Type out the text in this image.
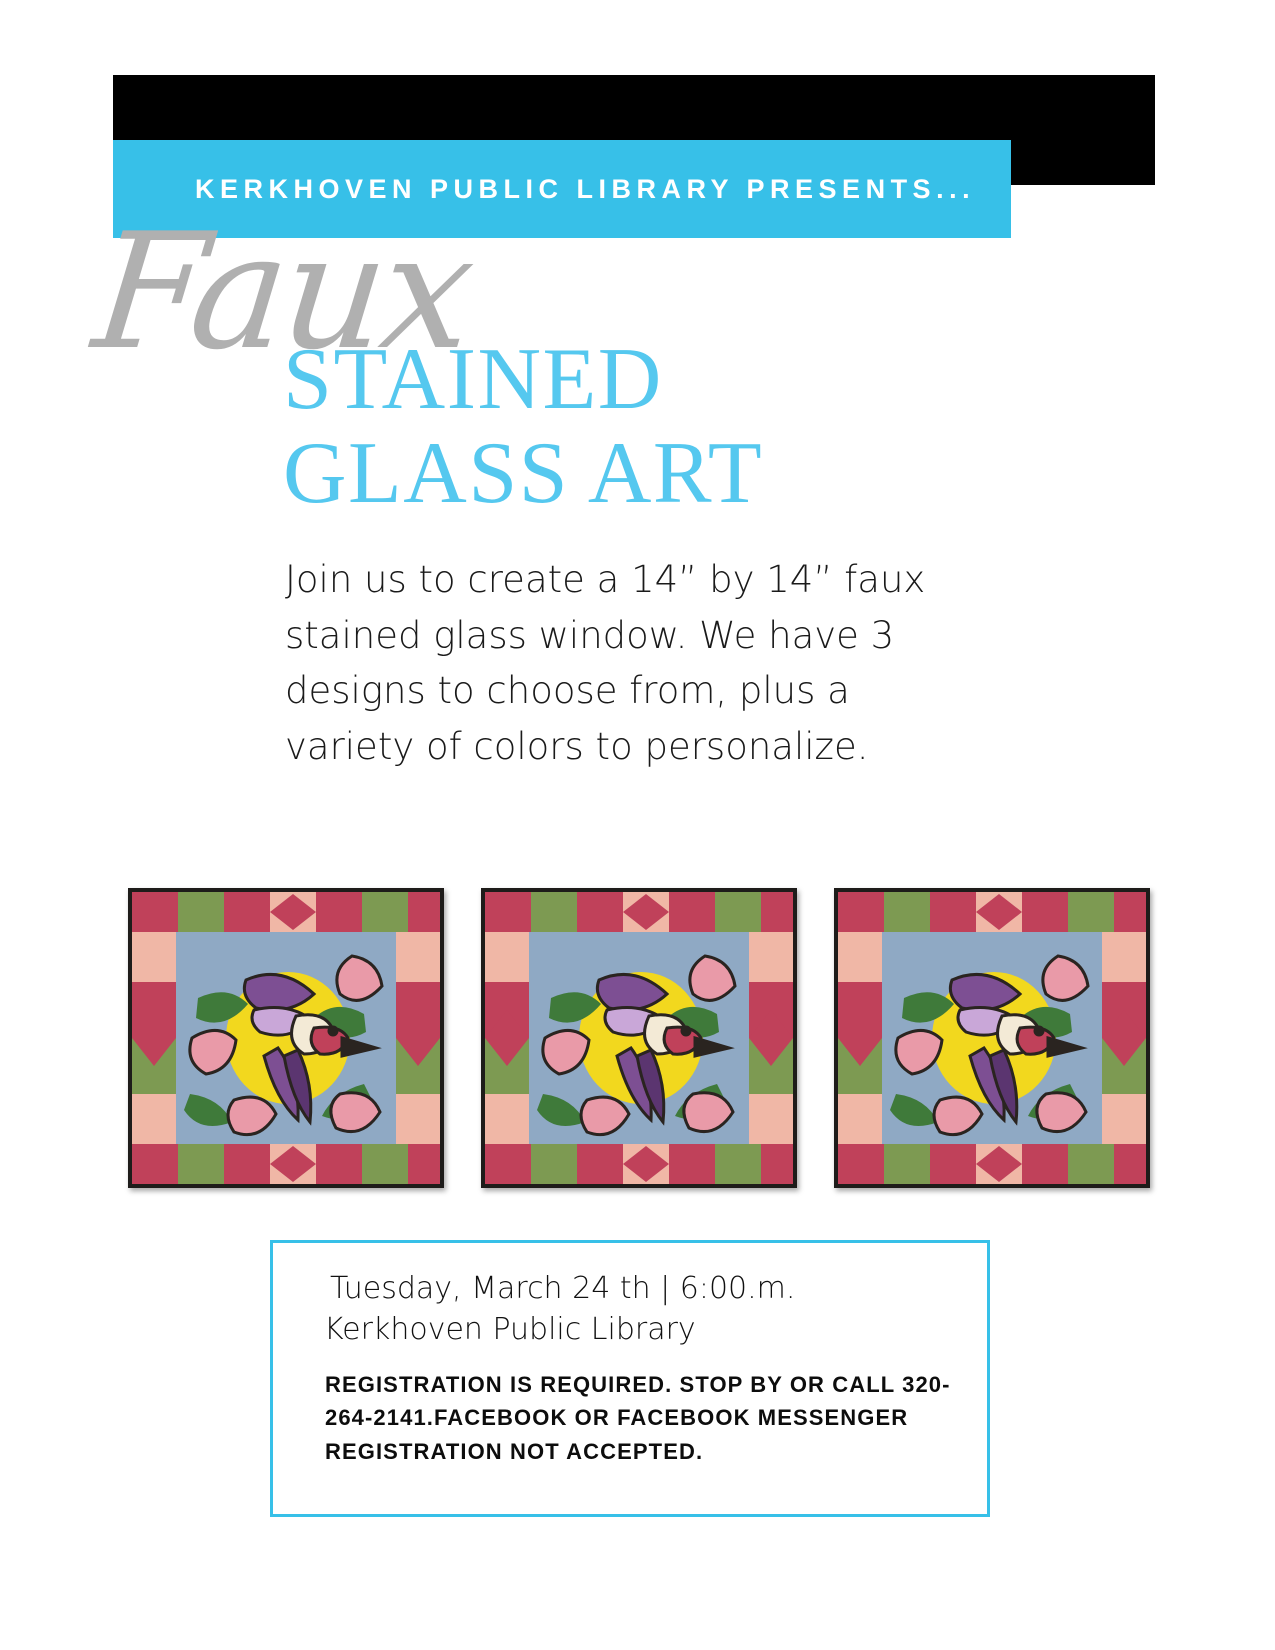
KERKHOVEN PUBLIC LIBRARY PRESENTS...
Faux
STAINED
GLASS ART
Join us to create a 14” by 14” faux stained glass window. We have 3 designs to choose from, plus a variety of colors to personalize.
Tuesday, March 24 th | 6:00.m.
Kerkhoven Public Library
REGISTRATION IS REQUIRED. STOP BY OR CALL 320-264-2141.FACEBOOK OR FACEBOOK MESSENGER REGISTRATION NOT ACCEPTED.
